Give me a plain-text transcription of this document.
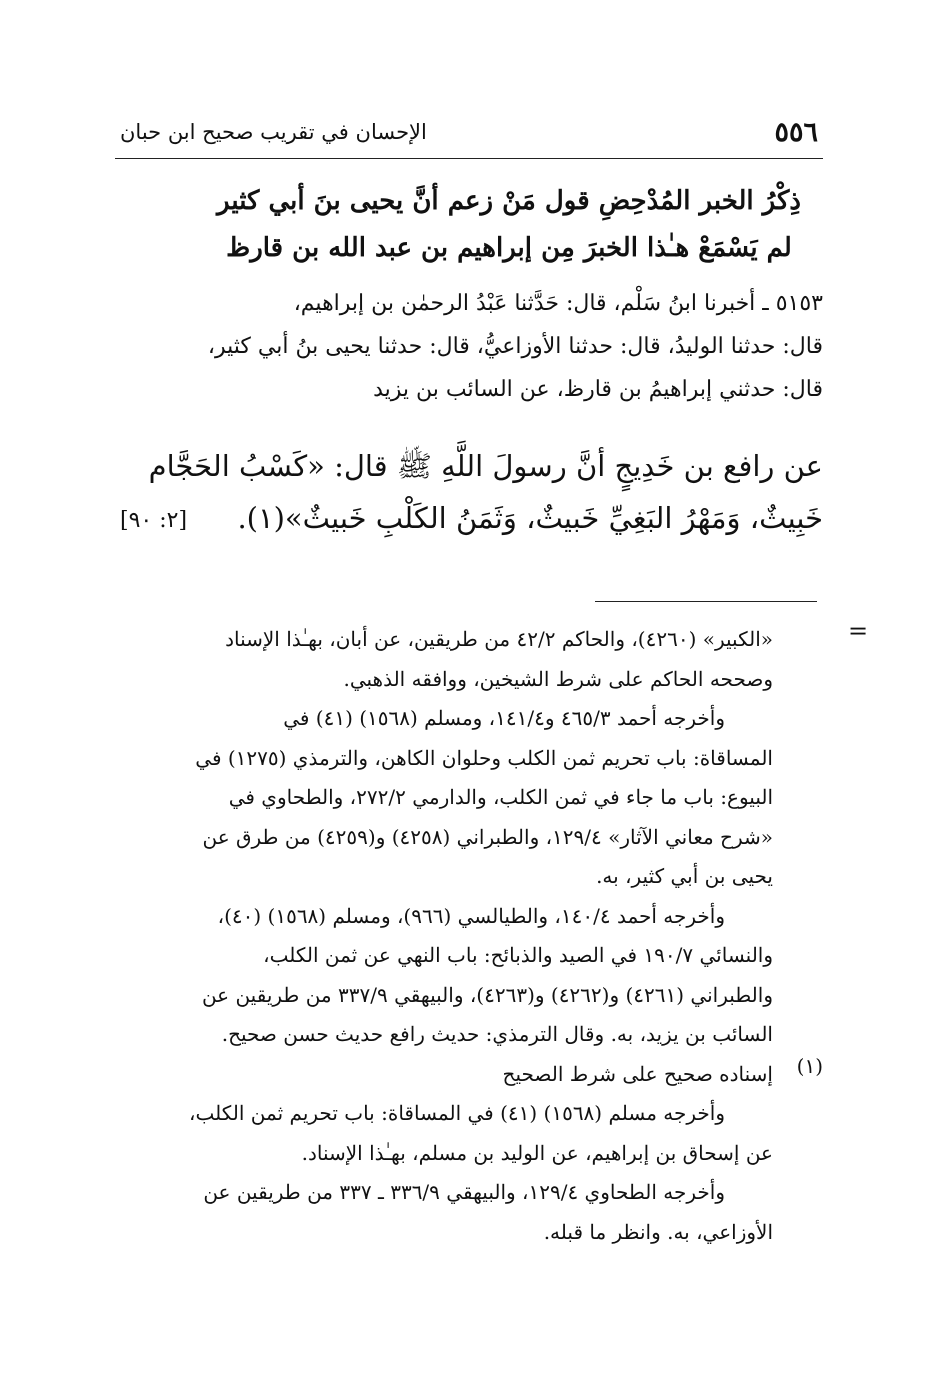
٥٥٦
الإحسان في تقريب صحيح ابن حبان
ذِكْرُ الخبر المُدْحِضِ قول مَنْ زعم أنَّ يحيى بنَ أبي كثير
لم يَسْمَعْ هـٰذا الخبرَ مِن إبراهيم بن عبد الله بن قارظ
٥١٥٣ ـ أخبرنا ابنُ سَلْم، قال: حَدَّثنا عَبْدُ الرحمٰن بن إبراهيم،
قال: حدثنا الوليدُ، قال: حدثنا الأوزاعيُّ، قال: حدثنا يحيى بنُ أبي كثير،
قال: حدثني إبراهيمُ بن قارظ، عن السائب بن يزيد
عن رافع بن خَدِيجٍ أنَّ رسولَ اللَّهِ ﷺ قال: «كَسْبُ الحَجَّام
خَبِيثٌ، وَمَهْرُ البَغِيِّ خَبيثٌ، وَثَمَنُ الكَلْبِ خَبيثٌ»(١).
[٢: ٩٠]
=
(١)
«الكبير» (٤٢٦٠)، والحاكم ٤٢/٢ من طريقين، عن أبان، بهـٰذا الإسناد
وصححه الحاكم على شرط الشيخين، ووافقه الذهبي.
وأخرجه أحمد ٤٦٥/٣ و١٤١/٤، ومسلم (١٥٦٨) (٤١) في
المساقاة: باب تحريم ثمن الكلب وحلوان الكاهن، والترمذي (١٢٧٥) في
البيوع: باب ما جاء في ثمن الكلب، والدارمي ٢٧٢/٢، والطحاوي في
«شرح معاني الآثار» ١٢٩/٤، والطبراني (٤٢٥٨) و(٤٢٥٩) من طرق عن
يحيى بن أبي كثير، به.
وأخرجه أحمد ١٤٠/٤، والطيالسي (٩٦٦)، ومسلم (١٥٦٨) (٤٠)،
والنسائي ١٩٠/٧ في الصيد والذبائح: باب النهي عن ثمن الكلب،
والطبراني (٤٢٦١) و(٤٢٦٢) و(٤٢٦٣)، والبيهقي ٣٣٧/٩ من طريقين عن
السائب بن يزيد، به. وقال الترمذي: حديث رافع حديث حسن صحيح.
إسناده صحيح على شرط الصحيح
وأخرجه مسلم (١٥٦٨) (٤١) في المساقاة: باب تحريم ثمن الكلب،
عن إسحاق بن إبراهيم، عن الوليد بن مسلم، بهـٰذا الإسناد.
وأخرجه الطحاوي ١٢٩/٤، والبيهقي ٣٣٦/٩ ـ ٣٣٧ من طريقين عن
الأوزاعي، به. وانظر ما قبله.
